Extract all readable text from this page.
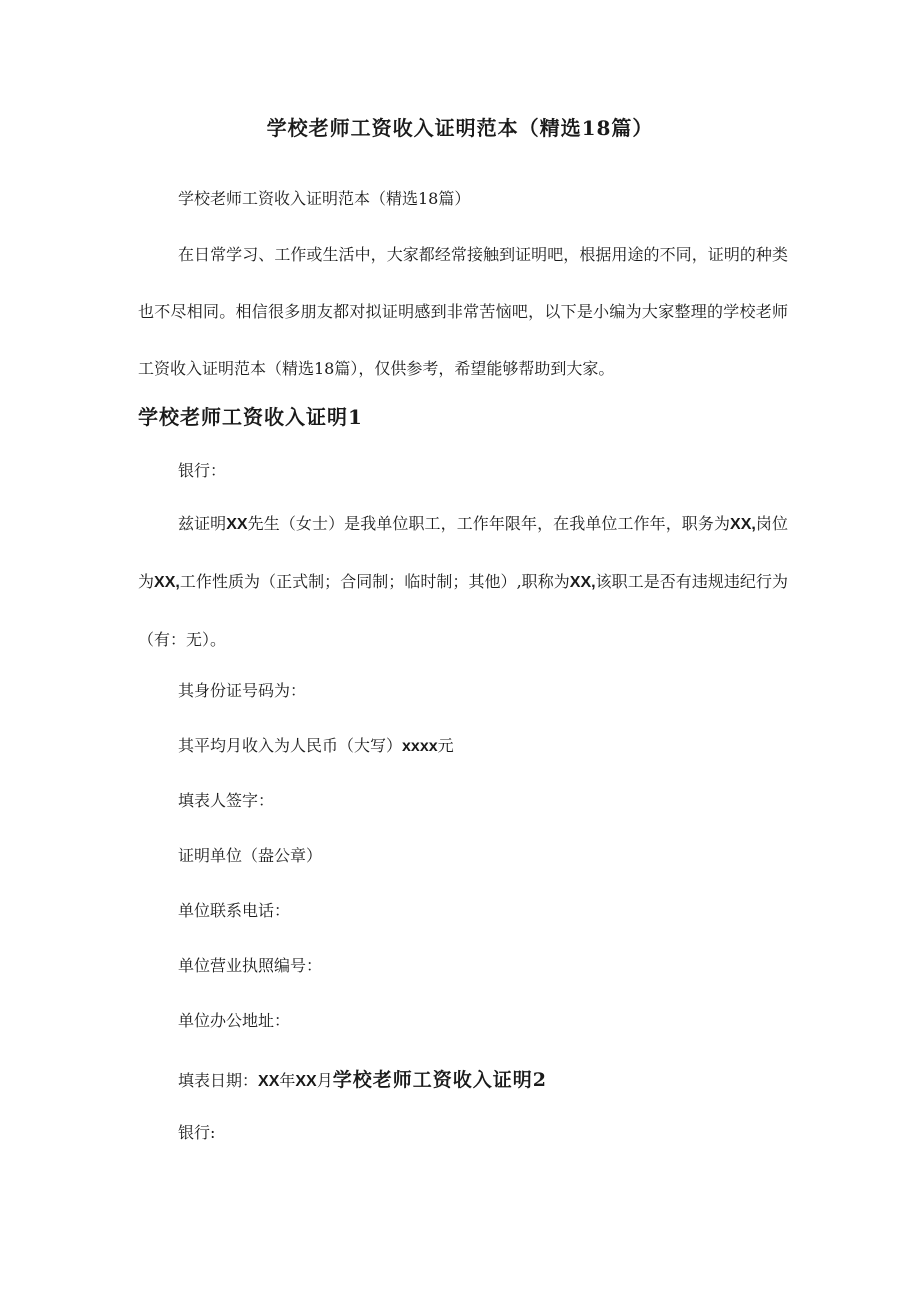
学校老师工资收入证明范本（精选18篇）

学校老师工资收入证明范本（精选18篇）

在日常学习、工作或生活中，大家都经常接触到证明吧，根据用途的不同，证明的种类也不尽相同。相信很多朋友都对拟证明感到非常苦恼吧，以下是小编为大家整理的学校老师工资收入证明范本（精选18篇），仅供参考，希望能够帮助到大家。

学校老师工资收入证明1

银行：

兹证明XX先生（女士）是我单位职工，工作年限年，在我单位工作年，职务为XX,岗位为XX,工作性质为（正式制；合同制；临时制；其他）,职称为XX,该职工是否有违规违纪行为（有：无）。

其身份证号码为：

其平均月收入为人民币（大写）xxxx元

填表人签字：

证明单位（盎公章）

单位联系电话：

单位营业执照编号：

单位办公地址：

填表日期：XX年XX月学校老师工资收入证明2

银行:
